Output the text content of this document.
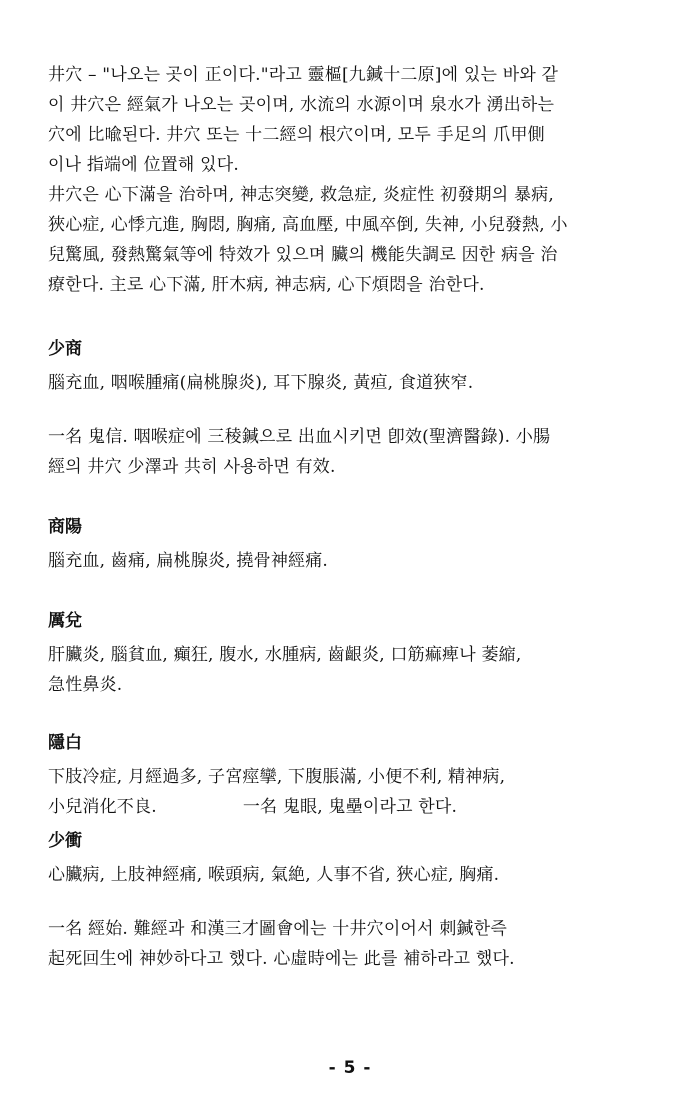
井穴 – "나오는 곳이 正이다."라고 靈樞[九鍼十二原]에 있는 바와 같
이 井穴은 經氣가 나오는 곳이며, 水流의 水源이며 泉水가 湧出하는
穴에 比喩된다. 井穴 또는 十二經의 根穴이며, 모두 手足의 爪甲側
이나 指端에 位置해 있다.
井穴은 心下滿을 治하며, 神志突變, 救急症, 炎症性 初發期의 暴病,
狹心症, 心悸亢進, 胸悶, 胸痛, 高血壓, 中風卒倒, 失神, 小兒發熱, 小
兒驚風, 發熱驚氣等에 特效가 있으며 臟의 機能失調로 因한 病을 治
療한다. 主로 心下滿, 肝木病, 神志病, 心下煩悶을 治한다.
少商
腦充血, 咽喉腫痛(扁桃腺炎), 耳下腺炎, 黃疸, 食道狹窄.
一名 鬼信. 咽喉症에 三稜鍼으로 出血시키면 卽效(聖濟醫錄). 小腸
經의 井穴 少澤과 共히 사용하면 有效.
商陽
腦充血, 齒痛, 扁桃腺炎, 撓骨神經痛.
厲兌
肝臟炎, 腦貧血, 癲狂, 腹水, 水腫病, 齒齦炎, 口筋痲痺나 萎縮,
急性鼻炎.
隱白
下肢冷症, 月經過多, 子宮痙攣, 下腹脹滿, 小便不利, 精神病,
小兒消化不良.	一名 鬼眼, 鬼壘이라고 한다.
少衝
心臟病, 上肢神經痛, 喉頭病, 氣絶, 人事不省, 狹心症, 胸痛.
一名 經始. 難經과 和漢三才圖會에는 十井穴이어서 刺鍼한즉
起死回生에 神妙하다고 했다. 心虛時에는 此를 補하라고 했다.
- 5 -
